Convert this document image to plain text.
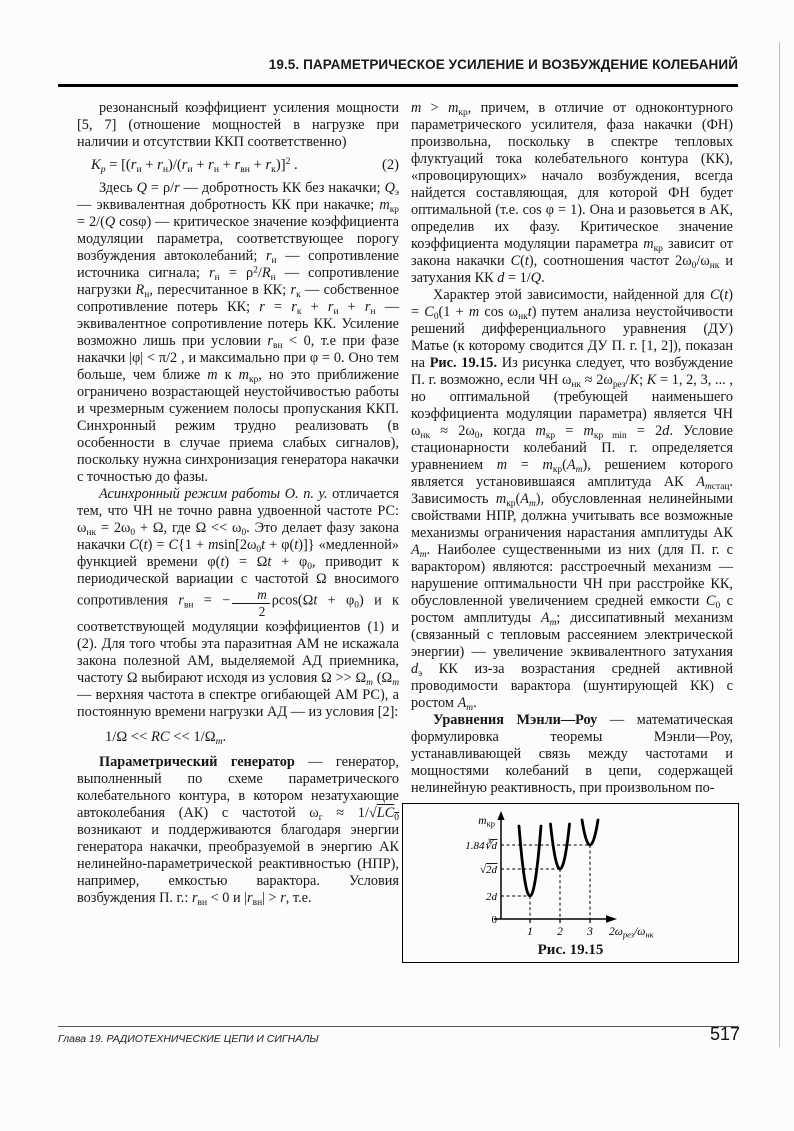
19.5. ПАРАМЕТРИЧЕСКОЕ УСИЛЕНИЕ И ВОЗБУЖДЕНИЕ КОЛЕБАНИЙ

резонансный коэффициент усиления мощности [5, 7] (отношение мощностей в нагрузке при наличии и отсутствии ККП соответственно)

$K_p = [(r_и + r_н)/(r_и + r_н + r_{вн} + r_к)]^2$ .	(2)

Здесь Q = ρ/r — добротность КК без накачки; $Q_э$ — эквивалентная добротность КК при накачке; $m_{кр} = 2/(Q$ cosφ) — критическое значение коэффициента модуляции параметра, соответствующее порогу возбуждения автоколебаний; $r_и$ — сопротивление источника сигнала; $r_н = \rho^2/R_н$ — сопротивление нагрузки $R_н$, пересчитанное в КК; $r_к$ — собственное сопротивление потерь КК; $r = r_к + r_и + r_н$ — эквивалентное сопротивление потерь КК. Усиление возможно лишь при условии $r_{вн} < 0$, т.е при фазе накачки |φ| < π/2 , и максимально при φ = 0. Оно тем больше, чем ближе m к $m_{кр}$, но это приближение ограничено возрастающей неустойчивостью работы и чрезмерным сужением полосы пропускания ККП. Синхронный режим трудно реализовать (в особенности в случае приема слабых сигналов), поскольку нужна синхронизация генератора накачки с точностью до фазы.

Асинхронный режим работы О. п. у. отличается тем, что ЧН не точно равна удвоенной частоте РС: $\omega_{нк} = 2\omega_0 + \Omega$, где $\Omega << \omega_0$. Это делает фазу закона накачки $C(t) = C\{1 + msin[2\omega_0t + \varphi(t)]\}$ «медленной» функцией времени $\varphi(t) = \Omega t + \varphi_0$, приводит к периодической вариации с частотой Ω вносимого сопротивления $r_{вн}$ = − $\frac{m}{2} \rho\cos(\Omega t + \varphi_0)$ и к соответствующей модуляции коэффициентов (1) и (2). Для того чтобы эта паразитная АМ не искажала закона полезной АМ, выделяемой АД приемника, частоту Ω выбирают исходя из условия $\Omega >> \Omega_m$ ($\Omega_m$ — верхняя частота в спектре огибающей АМ РС), а постоянную времени нагрузки АД — из условия [2]:

1/Ω << RC << $1/\Omega_m$.

Параметрический генератор — генератор, выполненный по схеме параметрического колебательного контура, в котором незатухающие автоколебания (АК) с частотой $\omega_г \approx 1/√LC_0$ возникают и поддерживаются благодаря энергии генератора накачки, преобразуемой в энергию АК нелинейно-параметрической реактивностью (НПР), например, емкостью варактора. Условия возбуждения П. г.: $r_{вн} < 0$ и $|r_{вн}| > r$, т.е.

$m > m_{кр}$, причем, в отличие от одноконтурного параметрического усилителя, фаза накачки (ФН) произвольна, поскольку в спектре тепловых флуктуаций тока колебательного контура (КК), «провоцирующих» начало возбуждения, всегда найдется составляющая, для которой ФН будет оптимальной (т.е. cos φ = 1). Она и разовьется в АК, определив их фазу. Критическое значение коэффициента модуляции параметра $m_{кр}$ зависит от закона накачки C(t), соотношения частот $2\omega_0/\omega_{нк}$ и затухания КК d = 1/Q.

Характер этой зависимости, найденной для $C(t) = C_0(1 + m$ $\cos \omega_{нк}t$) путем анализа неустойчивости решений дифференциального уравнения (ДУ) Матье (к которому сводится ДУ П. г. [1, 2]), показан на Рис. 19.15. Из рисунка следует, что возбуждение П. г. возможно, если ЧН $\omega_{нк} \approx 2\omega_{рез}/K$; K = 1, 2, 3, ... , но оптимальной (требующей наименьшего коэффициента модуляции параметра) является ЧН $\omega_{нк} \approx 2\omega_0$, когда $m_{кр} = m_{кр min} = 2d$. Условие стационарности колебаний П. г. определяется уравнением $m = m_{кр}(A_m)$, решением которого является установившаяся амплитуда АК $A_{mстац}$. Зависимость $m_{кр}(A_m)$, обусловленная нелинейными свойствами НПР, должна учитывать все возможные механизмы ограничения нарастания амплитуды АК $A_m$. Наиболее существенными из них (для П. г. с варактором) являются: расстроечный механизм — нарушение оптимальности ЧН при расстройке КК, обусловленной увеличением средней емкости $C_0$ с ростом амплитуды $A_m$; диссипативный механизм (связанный с тепловым рассеянием электрической энергии) — увеличение эквивалентного затухания $d_э$ КК из-за возрастания средней активной проводимости варактора (шунтирующей КК) с ростом $A_m$.

Уравнения Мэнли—Роу — математическая формулировка теоремы Мэнли—Роу, устанавливающей связь между частотами и мощностями колебаний в цепи, содержащей нелинейную реактивность, при произвольном по-

$m_{кр}$
$2\omega_{рез}/\omega_{нк}$
0
2d
√2d
1.84∛d
1 2 3
Рис. 19.15
Глава 19. РАДИОТЕХНИЧЕСКИЕ ЦЕПИ И СИГНАЛЫ	517
